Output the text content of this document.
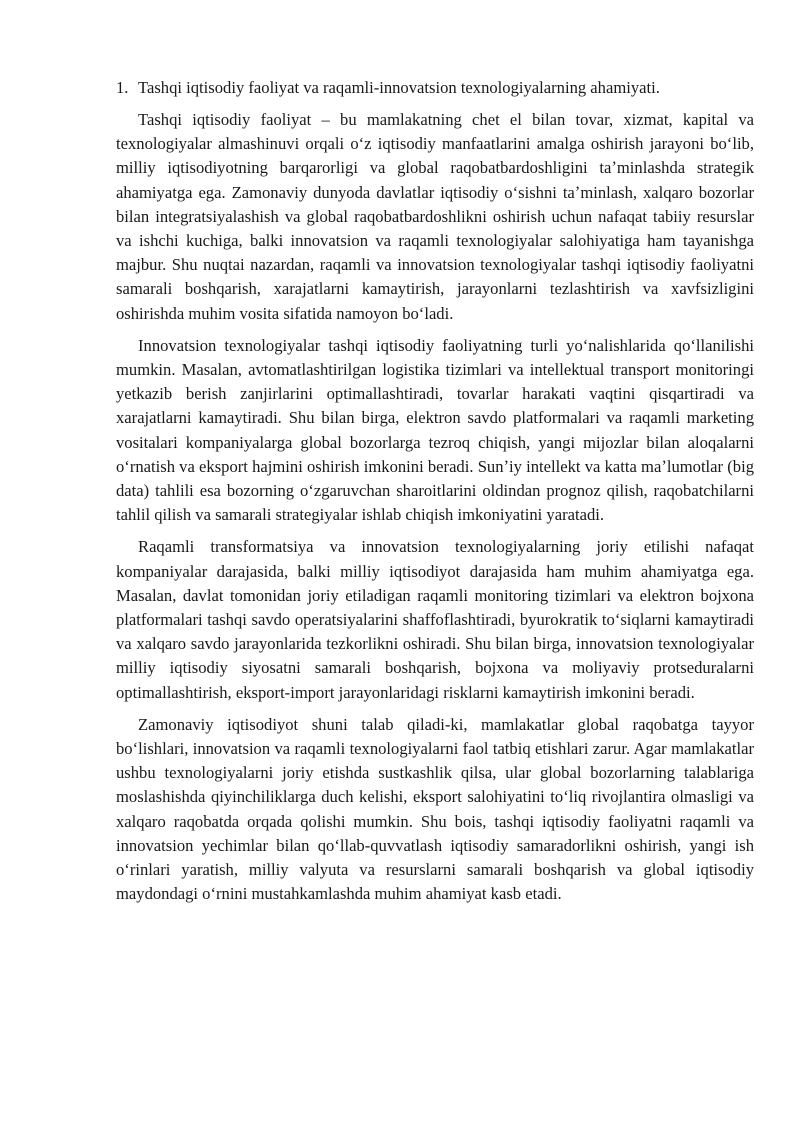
1. Tashqi iqtisodiy faoliyat va raqamli-innovatsion texnologiyalarning ahamiyati.

Tashqi iqtisodiy faoliyat – bu mamlakatning chet el bilan tovar, xizmat, kapital va texnologiyalar almashinuvi orqali oʻz iqtisodiy manfaatlarini amalga oshirish jarayoni boʻlib, milliy iqtisodiyotning barqarorligi va global raqobatbardoshligini taʼminlashda strategik ahamiyatga ega. Zamonaviy dunyoda davlatlar iqtisodiy oʻsishni taʼminlash, xalqaro bozorlar bilan integratsiyalashish va global raqobatbardoshlikni oshirish uchun nafaqat tabiiy resurslar va ishchi kuchiga, balki innovatsion va raqamli texnologiyalar salohiyatiga ham tayanishga majbur. Shu nuqtai nazardan, raqamli va innovatsion texnologiyalar tashqi iqtisodiy faoliyatni samarali boshqarish, xarajatlarni kamaytirish, jarayonlarni tezlashtirish va xavfsizligini oshirishda muhim vosita sifatida namoyon boʻladi.

Innovatsion texnologiyalar tashqi iqtisodiy faoliyatning turli yoʻnalishlarida qoʻllanilishi mumkin. Masalan, avtomatlashtirilgan logistika tizimlari va intellektual transport monitoringi yetkazib berish zanjirlarini optimallashtiradi, tovarlar harakati vaqtini qisqartiradi va xarajatlarni kamaytiradi. Shu bilan birga, elektron savdo platformalari va raqamli marketing vositalari kompaniyalarga global bozorlarga tezroq chiqish, yangi mijozlar bilan aloqalarni oʻrnatish va eksport hajmini oshirish imkonini beradi. Sunʼiy intellekt va katta maʼlumotlar (big data) tahlili esa bozorning oʻzgaruvchan sharoitlarini oldindan prognoz qilish, raqobatchilarni tahlil qilish va samarali strategiyalar ishlab chiqish imkoniyatini yaratadi.

Raqamli transformatsiya va innovatsion texnologiyalarning joriy etilishi nafaqat kompaniyalar darajasida, balki milliy iqtisodiyot darajasida ham muhim ahamiyatga ega. Masalan, davlat tomonidan joriy etiladigan raqamli monitoring tizimlari va elektron bojxona platformalari tashqi savdo operatsiyalarini shaffoflashtiradi, byurokratik toʻsiqlarni kamaytiradi va xalqaro savdo jarayonlarida tezkorlikni oshiradi. Shu bilan birga, innovatsion texnologiyalar milliy iqtisodiy siyosatni samarali boshqarish, bojxona va moliyaviy protseduralarni optimallashtirish, eksport-import jarayonlaridagi risklarni kamaytirish imkonini beradi.

Zamonaviy iqtisodiyot shuni talab qiladi-ki, mamlakatlar global raqobatga tayyor boʻlishlari, innovatsion va raqamli texnologiyalarni faol tatbiq etishlari zarur. Agar mamlakatlar ushbu texnologiyalarni joriy etishda sustkashlik qilsa, ular global bozorlarning talablariga moslashishda qiyinchiliklarga duch kelishi, eksport salohiyatini toʻliq rivojlantira olmasligi va xalqaro raqobatda orqada qolishi mumkin. Shu bois, tashqi iqtisodiy faoliyatni raqamli va innovatsion yechimlar bilan qoʻllab-quvvatlash iqtisodiy samaradorlikni oshirish, yangi ish oʻrinlari yaratish, milliy valyuta va resurslarni samarali boshqarish va global iqtisodiy maydondagi oʻrnini mustahkamlashda muhim ahamiyat kasb etadi.
